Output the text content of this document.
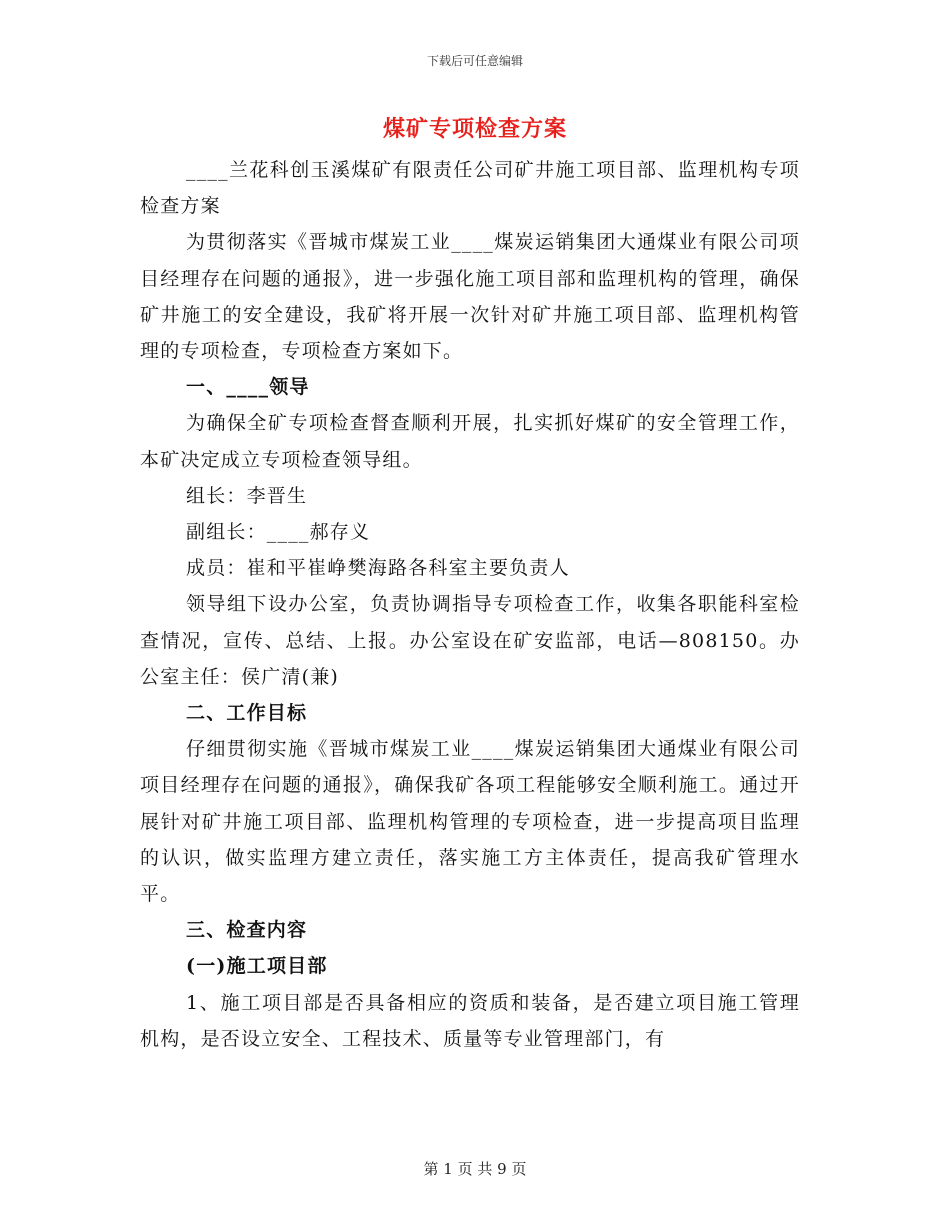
下载后可任意编辑
煤矿专项检查方案

____兰花科创玉溪煤矿有限责任公司矿井施工项目部、监理机构专项检查方案

为贯彻落实《晋城市煤炭工业____煤炭运销集团大通煤业有限公司项目经理存在问题的通报》，进一步强化施工项目部和监理机构的管理，确保矿井施工的安全建设，我矿将开展一次针对矿井施工项目部、监理机构管理的专项检查，专项检查方案如下。

一、____领导

为确保全矿专项检查督查顺利开展，扎实抓好煤矿的安全管理工作，本矿决定成立专项检查领导组。

组长：李晋生

副组长：____郝存义

成员：崔和平崔峥樊海路各科室主要负责人

领导组下设办公室，负责协调指导专项检查工作，收集各职能科室检查情况，宣传、总结、上报。办公室设在矿安监部，电话—808150。办公室主任：侯广清(兼)

二、工作目标

仔细贯彻实施《晋城市煤炭工业____煤炭运销集团大通煤业有限公司项目经理存在问题的通报》，确保我矿各项工程能够安全顺利施工。通过开展针对矿井施工项目部、监理机构管理的专项检查，进一步提高项目监理的认识，做实监理方建立责任，落实施工方主体责任，提高我矿管理水平。

三、检查内容

(一)施工项目部

1、施工项目部是否具备相应的资质和装备，是否建立项目施工管理机构，是否设立安全、工程技术、质量等专业管理部门，有

第 1 页 共 9 页
